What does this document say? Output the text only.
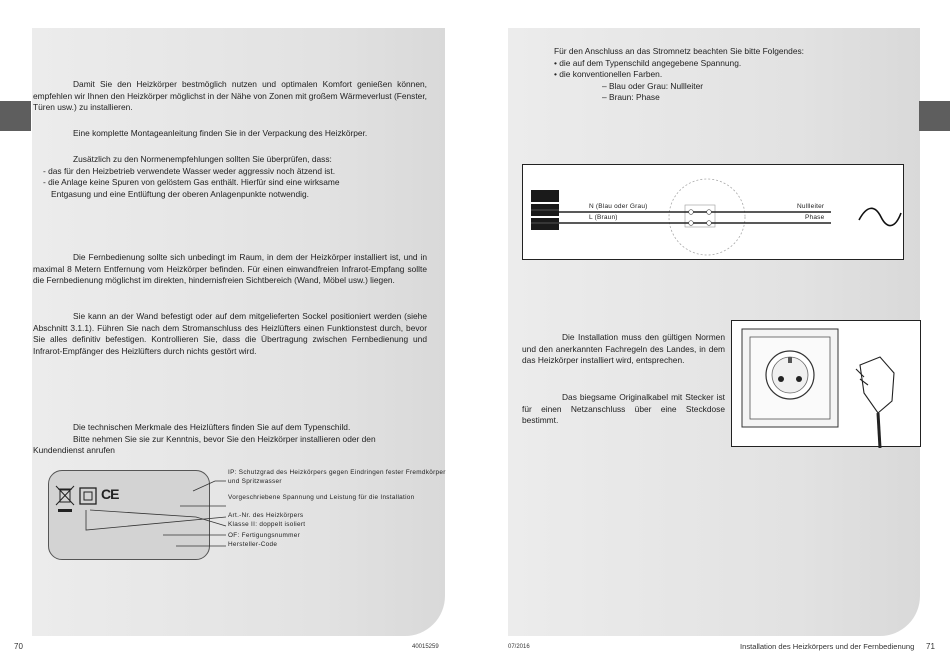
Damit Sie den Heizkörper bestmöglich nutzen und optimalen Komfort genießen können, empfehlen wir Ihnen den Heizkörper möglichst in der Nähe von Zonen mit großem Wärmeverlust (Fenster, Türen usw.) zu installieren.
Eine komplette Montageanleitung finden Sie in der Verpackung des Heizkörper.
Zusätzlich zu den Normenempfehlungen sollten Sie überprüfen, dass:
- das für den Heizbetrieb verwendete Wasser weder aggressiv noch ätzend ist.
- die Anlage keine Spuren von gelöstem Gas enthält. Hierfür sind eine wirksame
Entgasung und eine Entlüftung der oberen Anlagenpunkte notwendig.
Die Fernbedienung sollte sich unbedingt im Raum, in dem der Heizkörper installiert ist, und in maximal 8 Metern Entfernung vom Heizkörper befinden. Für einen einwandfreien Infrarot-Empfang sollte die Fernbedienung möglichst im direkten, hindernisfreien Sichtbereich (Wand, Möbel usw.) liegen.
Sie kann an der Wand befestigt oder auf dem mitgelieferten Sockel positioniert werden (siehe Abschnitt 3.1.1). Führen Sie nach dem Stromanschluss des Heizlüfters einen Funktionstest durch, bevor Sie alles definitiv befestigen. Kontrollieren Sie, dass die Übertragung zwischen Fernbedienung und Infrarot-Empfänger des Heizlüfters durch nichts gestört wird.
Die technischen Merkmale des Heizlüfters finden Sie auf dem Typenschild.
Bitte nehmen Sie sie zur Kenntnis, bevor Sie den Heizkörper installieren oder den Kundendienst anrufen
CE
IP: Schutzgrad des Heizkörpers gegen Eindringen fester Fremdkörper und Spritzwasser
Vorgeschriebene Spannung und Leistung für die Installation
Art.-Nr. des Heizkörpers
Klasse II: doppelt isoliert
OF: Fertigungsnummer
Hersteller-Code
70	40015259
Für den Anschluss an das Stromnetz beachten Sie bitte Folgendes:
• die auf dem Typenschild angegebene Spannung.
• die konventionellen Farben.
– Blau oder Grau: Nullleiter
– Braun: Phase
N (Blau oder Grau)
L (Braun)
Nullleiter
Phase
Die Installation muss den gültigen Normen und den anerkannten Fachregeln des Landes, in dem das Heizkörper installiert wird, entsprechen.
Das biegsame Originalkabel mit Stecker ist für einen Netzanschluss über eine Steckdose bestimmt.
07/2016	Installation des Heizkörpers und der Fernbedienung 71
